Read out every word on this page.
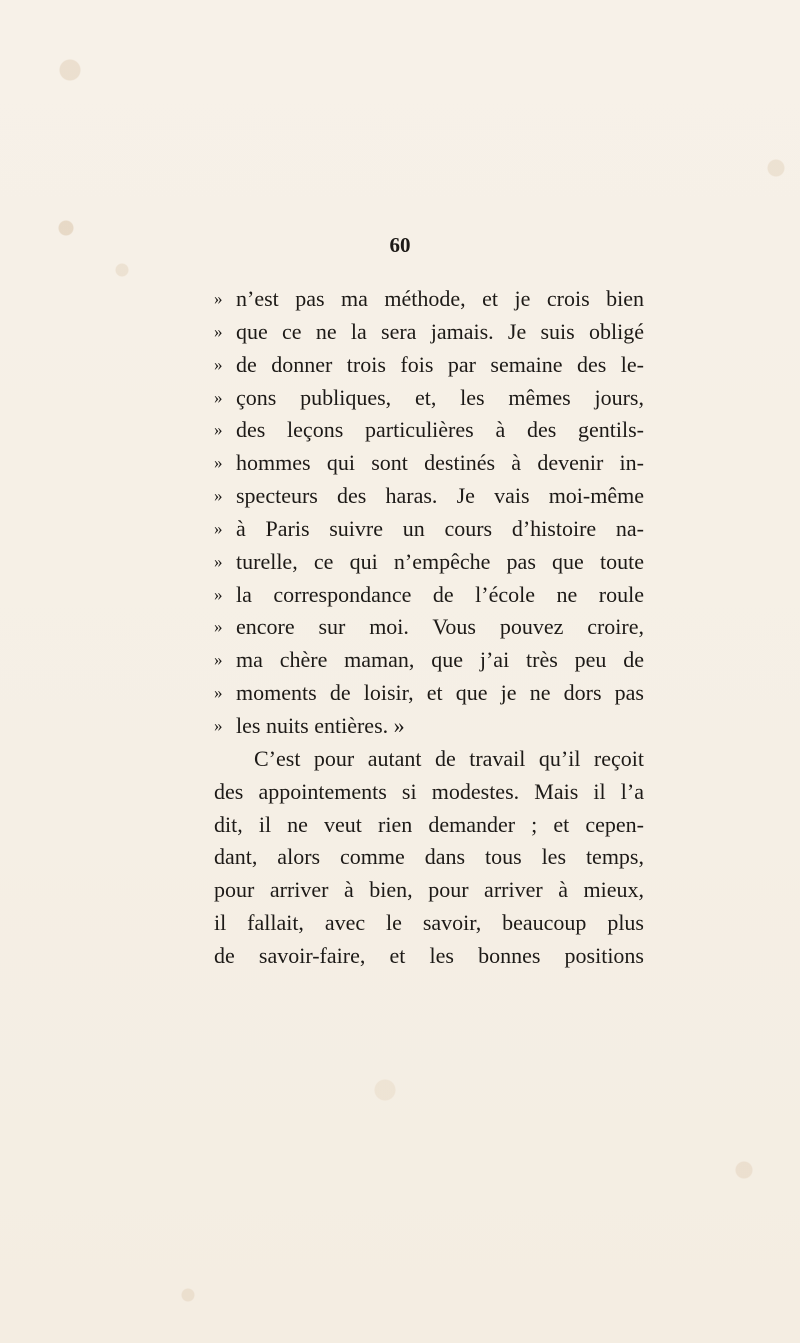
60
» n’est pas ma méthode, et je crois bien
» que ce ne la sera jamais. Je suis obligé
» de donner trois fois par semaine des le-
» çons publiques, et, les mêmes jours,
» des leçons particulières à des gentils-
» hommes qui sont destinés à devenir in-
» specteurs des haras. Je vais moi-même
» à Paris suivre un cours d’histoire na-
» turelle, ce qui n’empêche pas que toute
» la correspondance de l’école ne roule
» encore sur moi. Vous pouvez croire,
» ma chère maman, que j’ai très peu de
» moments de loisir, et que je ne dors pas
» les nuits entières. »
C’est pour autant de travail qu’il reçoit
des appointements si modestes. Mais il l’a
dit, il ne veut rien demander ; et cepen-
dant, alors comme dans tous les temps,
pour arriver à bien, pour arriver à mieux,
il fallait, avec le savoir, beaucoup plus
de savoir-faire, et les bonnes positions
